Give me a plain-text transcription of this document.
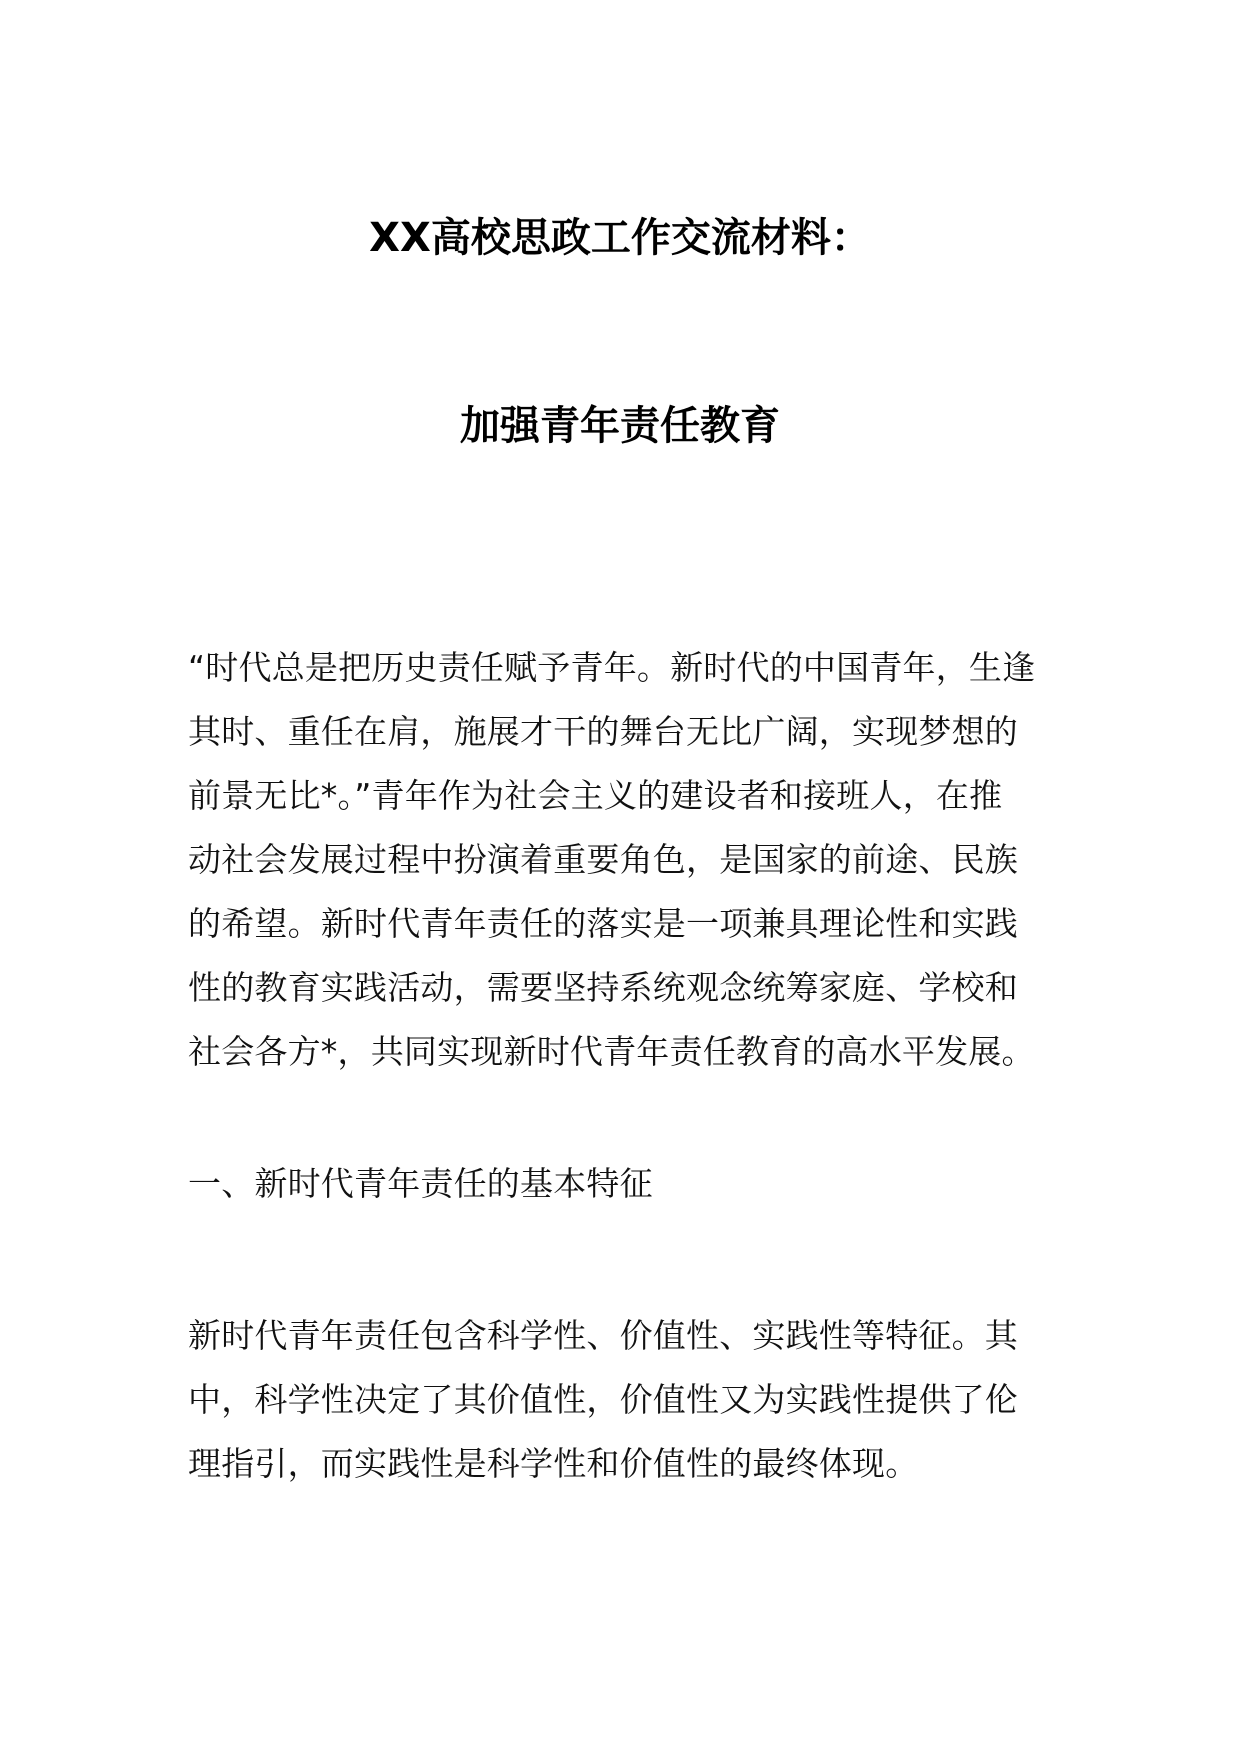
XX高校思政工作交流材料：
加强青年责任教育
“时代总是把历史责任赋予青年。新时代的中国青年，生逢
其时、重任在肩，施展才干的舞台无比广阔，实现梦想的
前景无比*。”青年作为社会主义的建设者和接班人，在推
动社会发展过程中扮演着重要角色，是国家的前途、民族
的希望。新时代青年责任的落实是一项兼具理论性和实践
性的教育实践活动，需要坚持系统观念统筹家庭、学校和
社会各方*，共同实现新时代青年责任教育的高水平发展。
一、新时代青年责任的基本特征
新时代青年责任包含科学性、价值性、实践性等特征。其
中，科学性决定了其价值性，价值性又为实践性提供了伦
理指引，而实践性是科学性和价值性的最终体现。
